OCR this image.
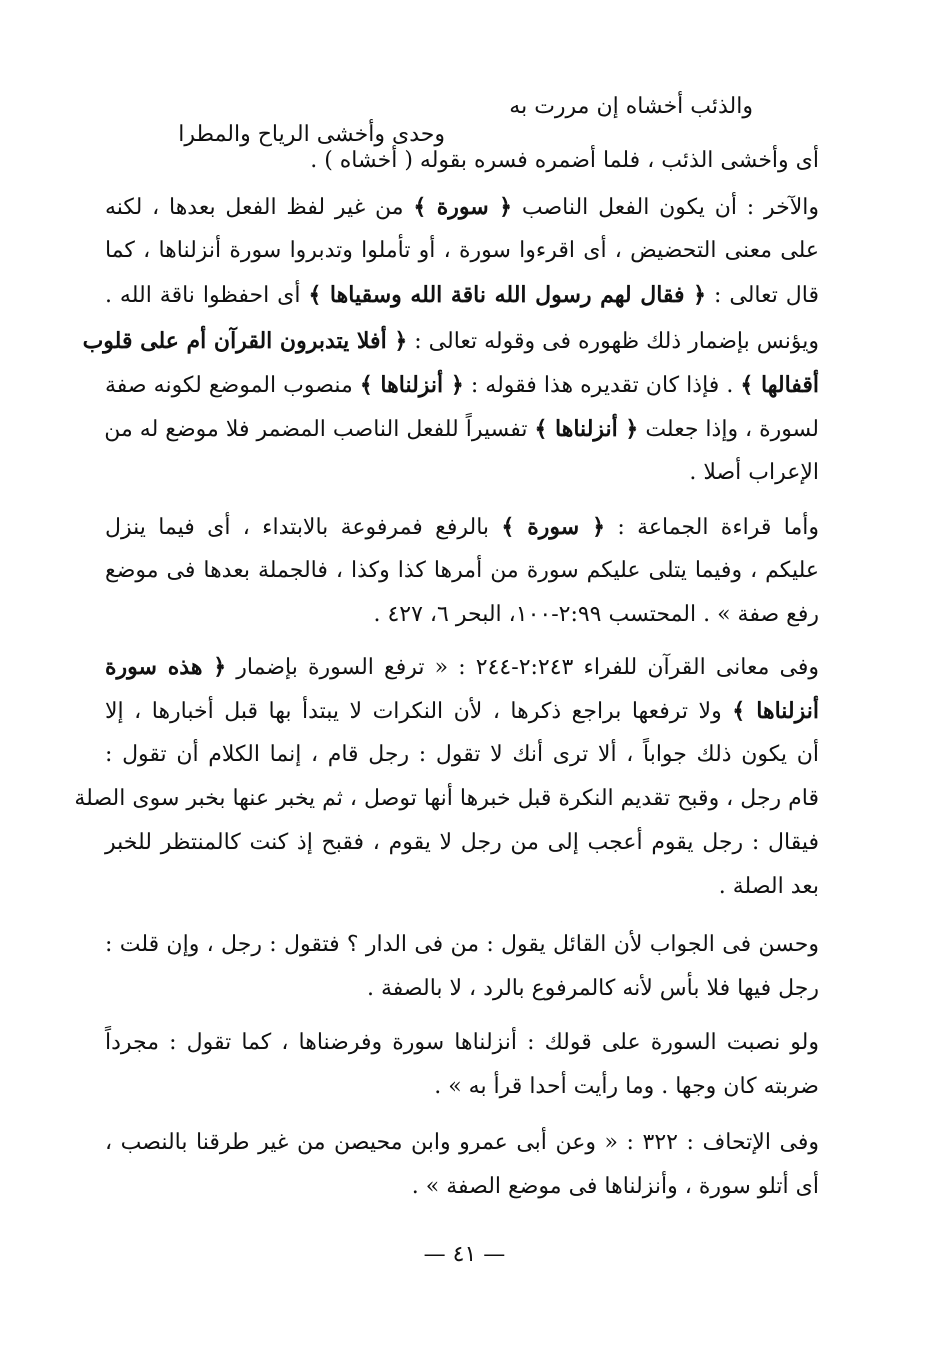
والذئب أخشاه إن مررت به
وحدى وأخشى الرياح والمطرا
أى وأخشى الذئب ، فلما أضمره فسره بقوله ( أخشاه ) .
والآخر : أن يكون الفعل الناصب ﴿ سورة ﴾ من غير لفظ الفعل بعدها ، لكنه
على معنى التحضيض ، أى اقرءوا سورة ، أو تأملوا وتدبروا سورة أنزلناها ، كما
قال تعالى : ﴿ فقال لهم رسول الله ناقة الله وسقياها ﴾ أى احفظوا ناقة الله .
ويؤنس بإضمار ذلك ظهوره فى وقوله تعالى : ﴿ أفلا يتدبرون القرآن أم على قلوب
أقفالها ﴾ . فإذا كان تقديره هذا فقوله : ﴿ أنزلناها ﴾ منصوب الموضع لكونه صفة
لسورة ، وإذا جعلت ﴿ أنزلناها ﴾ تفسيراً للفعل الناصب المضمر فلا موضع له من
الإعراب أصلا .
وأما قراءة الجماعة : ﴿ سورة ﴾ بالرفع فمرفوعة بالابتداء ، أى فيما ينزل
عليكم ، وفيما يتلى عليكم سورة من أمرها كذا وكذا ، فالجملة بعدها فى موضع
رفع صفة » . المحتسب ٢:٩٩-١٠٠، البحر ٦، ٤٢٧ .
وفى معانى القرآن للفراء ٢:٢٤٣-٢٤٤ : « ترفع السورة بإضمار ﴿ هذه سورة
أنزلناها ﴾ ولا ترفعها براجع ذكرها ، لأن النكرات لا يبتدأ بها قبل أخبارها ، إلا
أن يكون ذلك جواباً ، ألا ترى أنك لا تقول : رجل قام ، إنما الكلام أن تقول :
قام رجل ، وقبح تقديم النكرة قبل خبرها أنها توصل ، ثم يخبر عنها بخبر سوى الصلة
فيقال : رجل يقوم أعجب إلى من رجل لا يقوم ، فقبح إذ كنت كالمنتظر للخبر
بعد الصلة .
وحسن فى الجواب لأن القائل يقول : من فى الدار ؟ فتقول : رجل ، وإن قلت :
رجل فيها فلا بأس لأنه كالمرفوع بالرد ، لا بالصفة .
ولو نصبت السورة على قولك : أنزلناها سورة وفرضناها ، كما تقول : مجرداً
ضربته كان وجها . وما رأيت أحدا قرأ به » .
وفى الإتحاف : ٣٢٢ : « وعن أبى عمرو وابن محيصن من غير طرقنا بالنصب ،
أى أتلو سورة ، وأنزلناها فى موضع الصفة » .
— ٤١ —
